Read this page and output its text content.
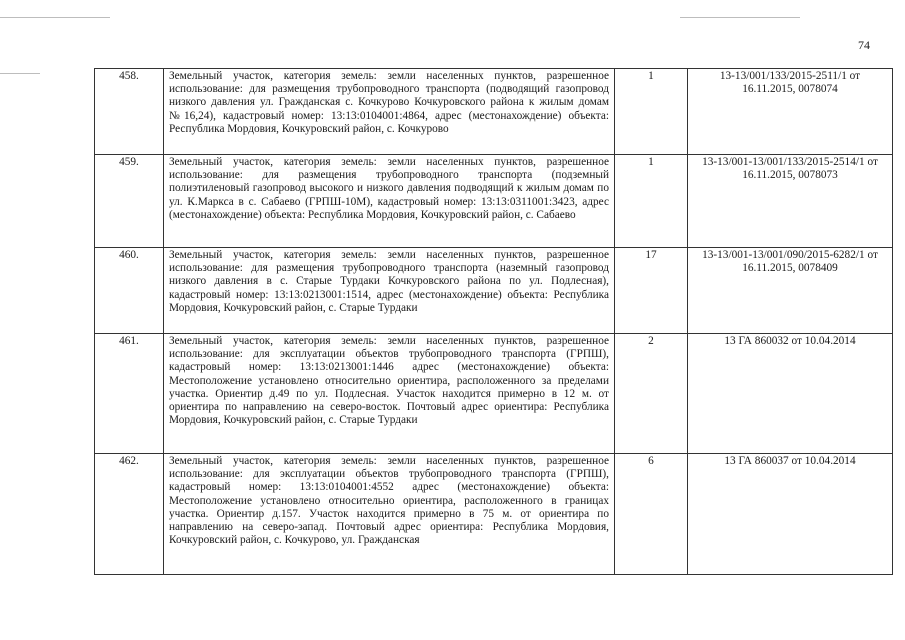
74
458.	Земельный участок, категория земель: земли населенных пунктов, разрешенное использование: для размещения трубопроводного транспорта (подводящий газопровод низкого давления ул. Гражданская с. Кочкурово Кочкуровского района к жилым домам №16,24), кадастровый номер: 13:13:0104001:4864, адрес (местонахождение) объекта: Республика Мордовия, Кочкуровский район, с. Кочкурово	1	13-13/001/133/2015-2511/1 от 16.11.2015, 0078074
459.	Земельный участок, категория земель: земли населенных пунктов, разрешенное использование: для размещения трубопроводного транспорта (подземный полиэтиленовый газопровод высокого и низкого давления подводящий к жилым домам по ул. К.Маркса в с. Сабаево (ГРПШ-10М), кадастровый номер: 13:13:0311001:3423, адрес (местонахождение) объекта: Республика Мордовия, Кочкуровский район, с. Сабаево	1	13-13/001-13/001/133/2015-2514/1 от 16.11.2015, 0078073
460.	Земельный участок, категория земель: земли населенных пунктов, разрешенное использование: для размещения трубопроводного транспорта (наземный газопровод низкого давления в с. Старые Турдаки Кочкуровского района по ул. Подлесная), кадастровый номер: 13:13:0213001:1514, адрес (местонахождение) объекта: Республика Мордовия, Кочкуровский район, с. Старые Турдаки	17	13-13/001-13/001/090/2015-6282/1 от 16.11.2015, 0078409
461.	Земельный участок, категория земель: земли населенных пунктов, разрешенное использование: для эксплуатации объектов трубопроводного транспорта (ГРПШ), кадастровый номер: 13:13:0213001:1446 адрес (местонахождение) объекта: Местоположение установлено относительно ориентира, расположенного за пределами участка. Ориентир д.49 по ул. Подлесная. Участок находится примерно в 12 м. от ориентира по направлению на северо-восток. Почтовый адрес ориентира: Республика Мордовия, Кочкуровский район, с. Старые Турдаки	2	13 ГА 860032 от 10.04.2014
462.	Земельный участок, категория земель: земли населенных пунктов, разрешенное использование: для эксплуатации объектов трубопроводного транспорта (ГРПШ), кадастровый номер: 13:13:0104001:4552 адрес (местонахождение) объекта: Местоположение установлено относительно ориентира, расположенного в границах участка. Ориентир д.157. Участок находится примерно в 75 м. от ориентира по направлению на северо-запад. Почтовый адрес ориентира: Республика Мордовия, Кочкуровский район, с. Кочкурово, ул. Гражданская	6	13 ГА 860037 от 10.04.2014
